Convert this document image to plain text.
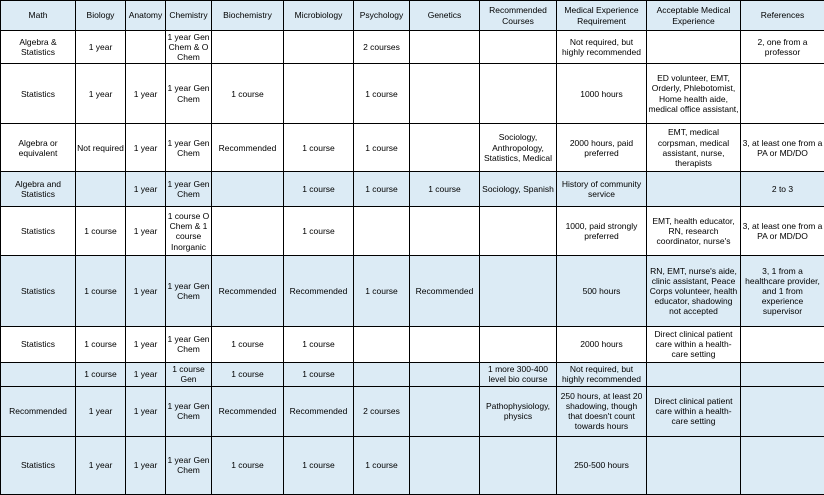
Math	Biology	Anatomy	Chemistry	Biochemistry	Microbiology	Psychology	Genetics	Recommended Courses	Medical Experience Requirement	Acceptable Medical Experience	References
Algebra & Statistics	1 year		1 year Gen Chem & O Chem			2 courses			Not required, but highly recommended		2, one from a professor
Statistics	1 year	1 year	1 year Gen Chem	1 course		1 course			1000 hours	ED volunteer, EMT, Orderly, Phlebotomist, Home health aide, medical office assistant,	
Algebra or equivalent	Not required	1 year	1 year Gen Chem	Recommended	1 course	1 course		Sociology, Anthropology, Statistics, Medical	2000 hours, paid preferred	EMT, medical corpsman, medical assistant, nurse, therapists	3, at least one from a PA or MD/DO
Algebra and Statistics		1 year	1 year Gen Chem		1 course	1 course	1 course	Sociology, Spanish	History of community service		2 to 3
Statistics	1 course	1 year	1 course O Chem & 1 course Inorganic		1 course				1000, paid strongly preferred	EMT, health educator, RN, research coordinator, nurse's	3, at least one from a PA or MD/DO
Statistics	1 course	1 year	1 year Gen Chem	Recommended	Recommended	1 course	Recommended		500 hours	RN, EMT, nurse's aide, clinic assistant, Peace Corps volunteer, health educator, shadowing not accepted	3, 1 from a healthcare provider, and 1 from experience supervisor
Statistics	1 course	1 year	1 year Gen Chem	1 course	1 course				2000 hours	Direct clinical patient care within a health-care setting	
	1 course	1 year	1 course Gen	1 course	1 course			1 more 300-400 level bio course	Not required, but highly recommended		
Recommended	1 year	1 year	1 year Gen Chem	Recommended	Recommended	2 courses		Pathophysiology, physics	250 hours, at least 20 shadowing, though that doesn't count towards hours	Direct clinical patient care within a health-care setting	
Statistics	1 year	1 year	1 year Gen Chem	1 course	1 course	1 course			250-500 hours		
